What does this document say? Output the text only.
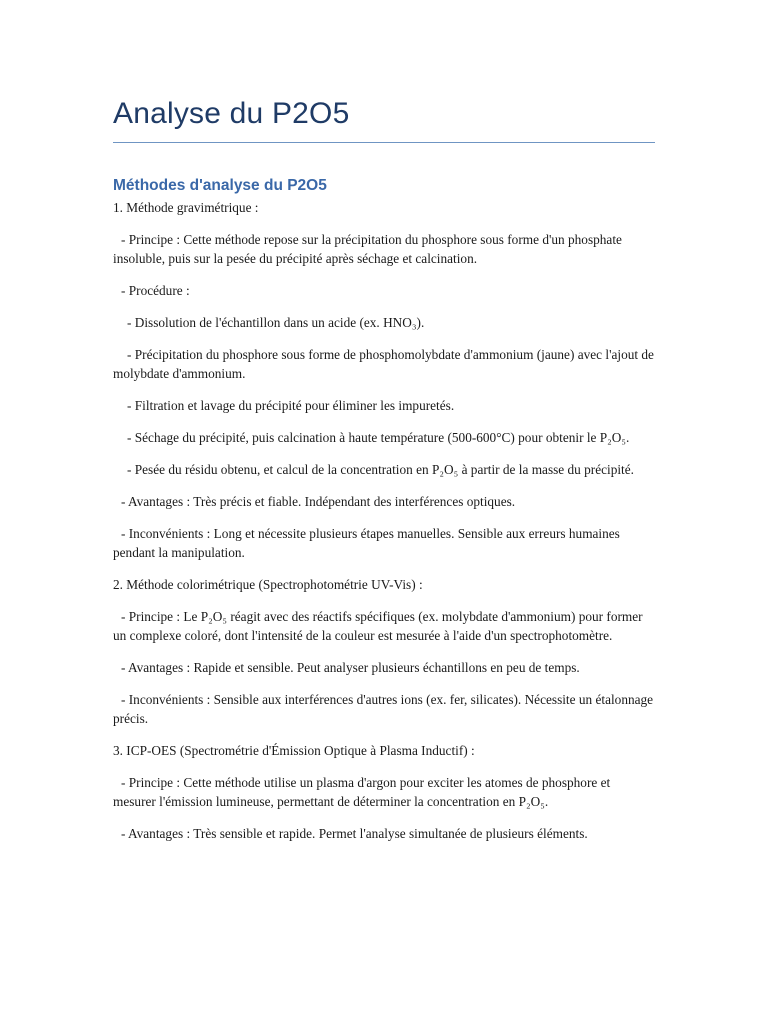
Analyse du P2O5
Méthodes d'analyse du P2O5

1. Méthode gravimétrique :

- Principe : Cette méthode repose sur la précipitation du phosphore sous forme d'un phosphate insoluble, puis sur la pesée du précipité après séchage et calcination.

- Procédure :

- Dissolution de l'échantillon dans un acide (ex. HNO₃).

- Précipitation du phosphore sous forme de phosphomolybdate d'ammonium (jaune) avec l'ajout de molybdate d'ammonium.

- Filtration et lavage du précipité pour éliminer les impuretés.

- Séchage du précipité, puis calcination à haute température (500-600°C) pour obtenir le P₂O₅.

- Pesée du résidu obtenu, et calcul de la concentration en P₂O₅ à partir de la masse du précipité.

- Avantages : Très précis et fiable. Indépendant des interférences optiques.

- Inconvénients : Long et nécessite plusieurs étapes manuelles. Sensible aux erreurs humaines pendant la manipulation.

2. Méthode colorimétrique (Spectrophotométrie UV-Vis) :

- Principe : Le P₂O₅ réagit avec des réactifs spécifiques (ex. molybdate d'ammonium) pour former un complexe coloré, dont l'intensité de la couleur est mesurée à l'aide d'un spectrophotomètre.

- Avantages : Rapide et sensible. Peut analyser plusieurs échantillons en peu de temps.

- Inconvénients : Sensible aux interférences d'autres ions (ex. fer, silicates). Nécessite un étalonnage précis.

3. ICP-OES (Spectrométrie d'Émission Optique à Plasma Inductif) :

- Principe : Cette méthode utilise un plasma d'argon pour exciter les atomes de phosphore et mesurer l'émission lumineuse, permettant de déterminer la concentration en P₂O₅.

- Avantages : Très sensible et rapide. Permet l'analyse simultanée de plusieurs éléments.
